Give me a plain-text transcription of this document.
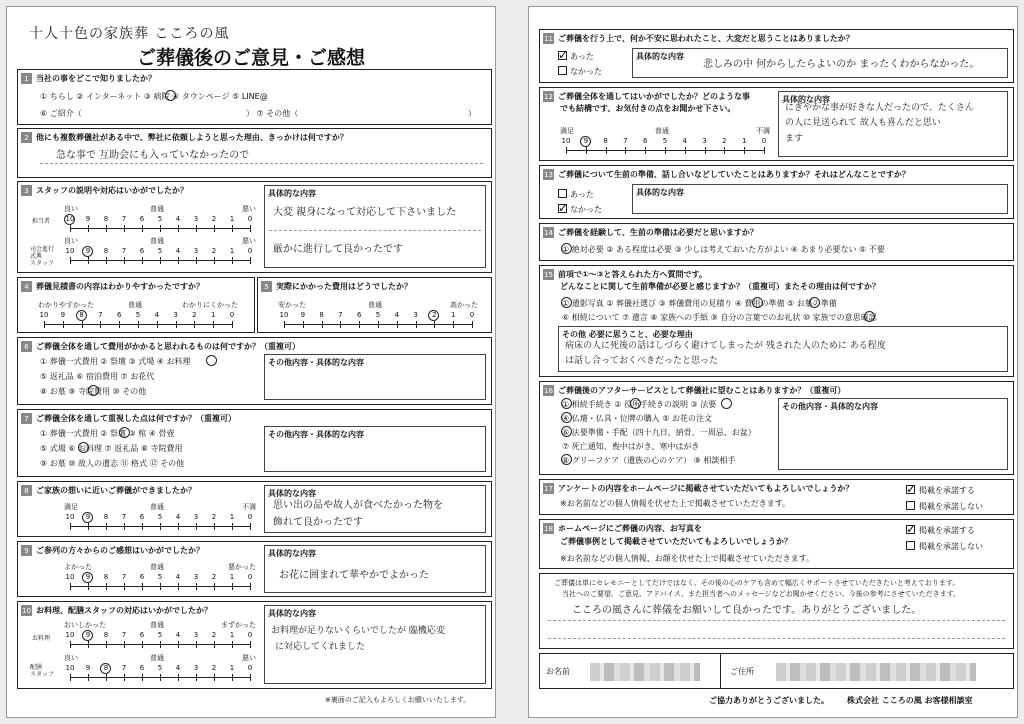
十人十色の家族葬 こころの風
ご葬儀後のご意見・ご感想
1 当社の事をどこで知りましたか？
① ちらし ② インターネット ③ 病院 ④ タウンページ ⑤ LINE@
⑥ ご紹介（	） ⑦ その他（	）
2 他にも複数葬儀社がある中で、弊社に依頼しようと思った理由、きっかけは何ですか？
急な事で 互助会にも入っていなかったので
3 スタッフの説明や対応はいかがでしたか？
担当者
司会進行
式典
スタッフ
10	9	8	7	6	5	4	3	2	1	0
良い	普通	悪い
10	9	8	7	6	5	4	3	2	1	0
良い	普通	悪い
具体的な内容
大変 親身になって対応して下さいました
厳かに進行して良かったです
4 葬儀見積書の内容はわかりやすかったですか？
10	9	8	7	6	5	4	3	2	1	0
わかりやすかった	普通	わかりにくかった
5 実際にかかった費用はどうでしたか？
10	9	8	7	6	5	4	3	2	1	0
安かった	普通	高かった
6 ご葬儀全体を通して費用がかかると思われるものは何ですか？（重複可）
① 葬儀一式費用 ② 祭壇 ③ 式場 ④ お料理
⑤ 返礼品 ⑥ 宿泊費用 ⑦ お花代
⑧ お墓 ⑨ 寺院費用 ⑩ その他
その他内容・具体的な内容
7 ご葬儀全体を通して重視した点は何ですか？（重複可）
① 葬儀一式費用 ② 祭壇 ③ 棺 ④ 骨壺
⑤ 式場 ⑥ お料理 ⑦ 返礼品 ⑧ 寺院費用
⑨ お墓 ⑩ 故人の遺志 ⑪ 格式 ⑫ その他
その他内容・具体的な内容
8 ご家族の想いに近いご葬儀ができましたか？
10	9	8	7	6	5	4	3	2	1	0
満足	普通	不満
具体的な内容
思い出の品や故人が食べたかった物を
飾れて良かったです
9 ご参列の方々からのご感想はいかがでしたか？
10	9	8	7	6	5	4	3	2	1	0
よかった	普通	悪かった
具体的な内容
お花に囲まれて華やかでよかった
10 お料理、配膳スタッフの対応はいかがでしたか？
お料理
配膳
スタッフ
10	9	8	7	6	5	4	3	2	1	0
おいしかった	普通	まずかった
10	9	8	7	6	5	4	3	2	1	0
良い	普通	悪い
具体的な内容
お料理が足りないくらいでしたが 臨機応変
に対応してくれました
※裏面のご記入もよろしくお願いいたします。
11 ご葬儀を行う上で、何か不安に思われたこと、大変だと思うことはありましたか？
✓ あった
なかった
具体的な内容
悲しみの中 何からしたらよいのか まったくわからなかった。
12 ご葬儀全体を通してはいかがでしたか？どのような事
でも結構です、お気付きの点をお聞かせ下さい。
10	9	8	7	6	5	4	3	2	1	0
満足	普通	不満
具体的な内容
にぎやかな事が好きな人だったので、たくさん
の人に見送られて 故人も喜んだと思い
ます
13 ご葬儀について生前の準備、話し合いなどしていたことはありますか？それはどんなことですか？
あった
✓ なかった
具体的な内容
14 ご葬儀を経験して、生前の準備は必要だと思いますか？
① 絶対必要 ② ある程度は必要 ③ 少しは考えておいた方がよい ④ あまり必要ない ⑤ 不要
15 前項で①～③と答えられた方へ質問です。
どんなことに関して生前準備が必要と感じますか？（重複可）またその理由は何ですか？
① 遺影写真 ② 葬儀社選び ③ 葬儀費用の見積り ④ 費用の準備 ⑤ お墓の準備
⑥ 相続について ⑦ 遺言 ⑧ 家族への手紙 ⑨ 自分の言葉でのお礼状 ⑩ 家族での意思確認
その他 必要に思うこと、必要な理由
病床の人に死後の話はしづらく避けてしまったが 残された人のために ある程度
は話し合っておくべきだったと思った
16 ご葬儀後のアフターサービスとして葬儀社に望むことはありますか？（重複可）
① 相続手続き ② 役所手続きの説明 ③ 法要
④ 仏壇・仏具・位牌の購入 ⑤ お花の注文
⑥ 法要準備・手配（四十九日、納骨、一周忌、お盆）
⑦ 死亡通知、喪中はがき、寒中はがき
⑧ グリーフケア（遺族の心のケア） ⑨ 相談相手
その他内容・具体的な内容
17 アンケートの内容をホームページに掲載させていただいてもよろしいでしょうか？
※お名前などの個人情報を伏せた上で掲載させていただきます。
✓ 掲載を承諾する
掲載を承諾しない
18 ホームページにご葬儀の内容、お写真を
ご葬儀事例として掲載させていただいてもよろしいでしょうか？
※お名前などの個人情報、お顔を伏せた上で掲載させていただきます。
✓ 掲載を承諾する
掲載を承諾しない
ご葬儀は単にセレモニーとしてだけではなく、その後の心のケアも含めて幅広くサポートさせていただきたいと考えております。
当社へのご要望、ご意見、アドバイス、また担当者へのメッセージなどお聞かせください。今後の参考にさせていただきます。
こころの風さんに葬儀をお願いして良かったです。ありがとうございました。
お名前	ご住所
ご協力ありがとうございました。 株式会社 こころの風 お客様相談室
